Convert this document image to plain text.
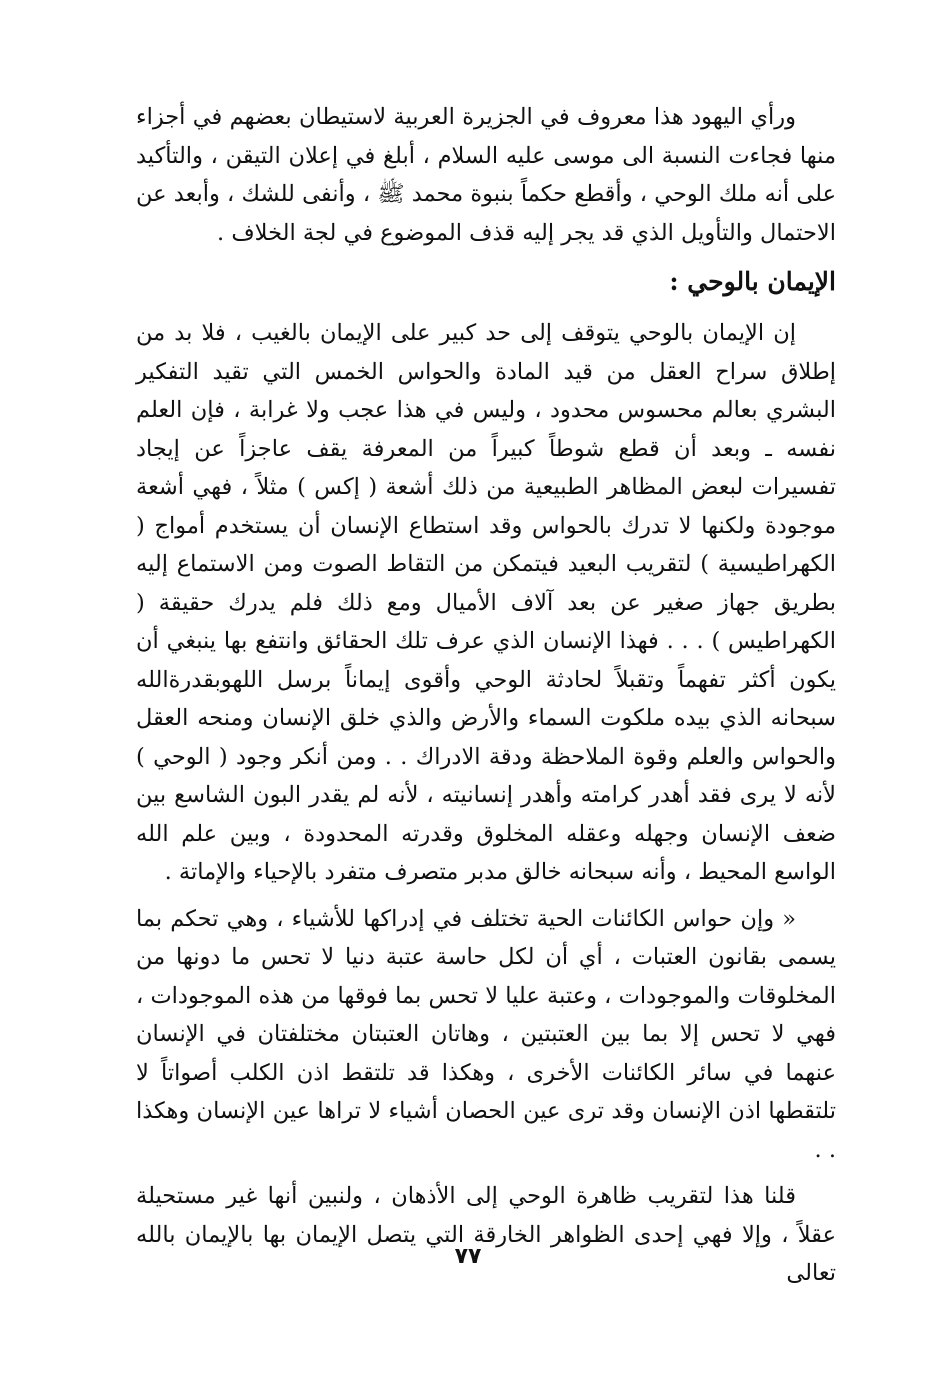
ورأي اليهود هذا معروف في الجزيرة العربية لاستيطان بعضهم في أجزاء منها فجاءت النسبة الى موسى عليه السلام ، أبلغ في إعلان التيقن ، والتأكيد على أنه ملك الوحي ، وأقطع حكماً بنبوة محمد ﷺ ، وأنفى للشك ، وأبعد عن الاحتمال والتأويل الذي قد يجر إليه قذف الموضوع في لجة الخلاف .

الإيمان بالوحي :

إن الإيمان بالوحي يتوقف إلى حد كبير على الإيمان بالغيب ، فلا بد من إطلاق سراح العقل من قيد المادة والحواس الخمس التي تقيد التفكير البشري بعالم محسوس محدود ، وليس في هذا عجب ولا غرابة ، فإن العلم نفسه ـ وبعد أن قطع شوطاً كبيراً من المعرفة يقف عاجزاً عن إيجاد تفسيرات لبعض المظاهر الطبيعية من ذلك أشعة ( إكس ) مثلاً ، فهي أشعة موجودة ولكنها لا تدرك بالحواس وقد استطاع الإنسان أن يستخدم أمواج ( الكهراطيسية ) لتقريب البعيد فيتمكن من التقاط الصوت ومن الاستماع إليه بطريق جهاز صغير عن بعد آلاف الأميال ومع ذلك فلم يدرك حقيقة ( الكهراطيس ) . . . فهذا الإنسان الذي عرف تلك الحقائق وانتفع بها ينبغي أن يكون أكثر تفهماً وتقبلاً لحادثة الوحي وأقوى إيماناً برسل اللهوبقدرةالله سبحانه الذي بيده ملكوت السماء والأرض والذي خلق الإنسان ومنحه العقل والحواس والعلم وقوة الملاحظة ودقة الادراك . . ومن أنكر وجود ( الوحي ) لأنه لا يرى فقد أهدر كرامته وأهدر إنسانيته ، لأنه لم يقدر البون الشاسع بين ضعف الإنسان وجهله وعقله المخلوق وقدرته المحدودة ، وبين علم الله الواسع المحيط ، وأنه سبحانه خالق مدبر متصرف متفرد بالإحياء والإماتة .

« وإن حواس الكائنات الحية تختلف في إدراكها للأشياء ، وهي تحكم بما يسمى بقانون العتبات ، أي أن لكل حاسة عتبة دنيا لا تحس ما دونها من المخلوقات والموجودات ، وعتبة عليا لا تحس بما فوقها من هذه الموجودات ، فهي لا تحس إلا بما بين العتبتين ، وهاتان العتبتان مختلفتان في الإنسان عنهما في سائر الكائنات الأخرى ، وهكذا قد تلتقط اذن الكلب أصواتاً لا تلتقطها اذن الإنسان وقد ترى عين الحصان أشياء لا تراها عين الإنسان وهكذا . .

قلنا هذا لتقريب ظاهرة الوحي إلى الأذهان ، ولنبين أنها غير مستحيلة عقلاً ، وإلا فهي إحدى الظواهر الخارقة التي يتصل الإيمان بها بالإيمان بالله تعالى

٧٧
